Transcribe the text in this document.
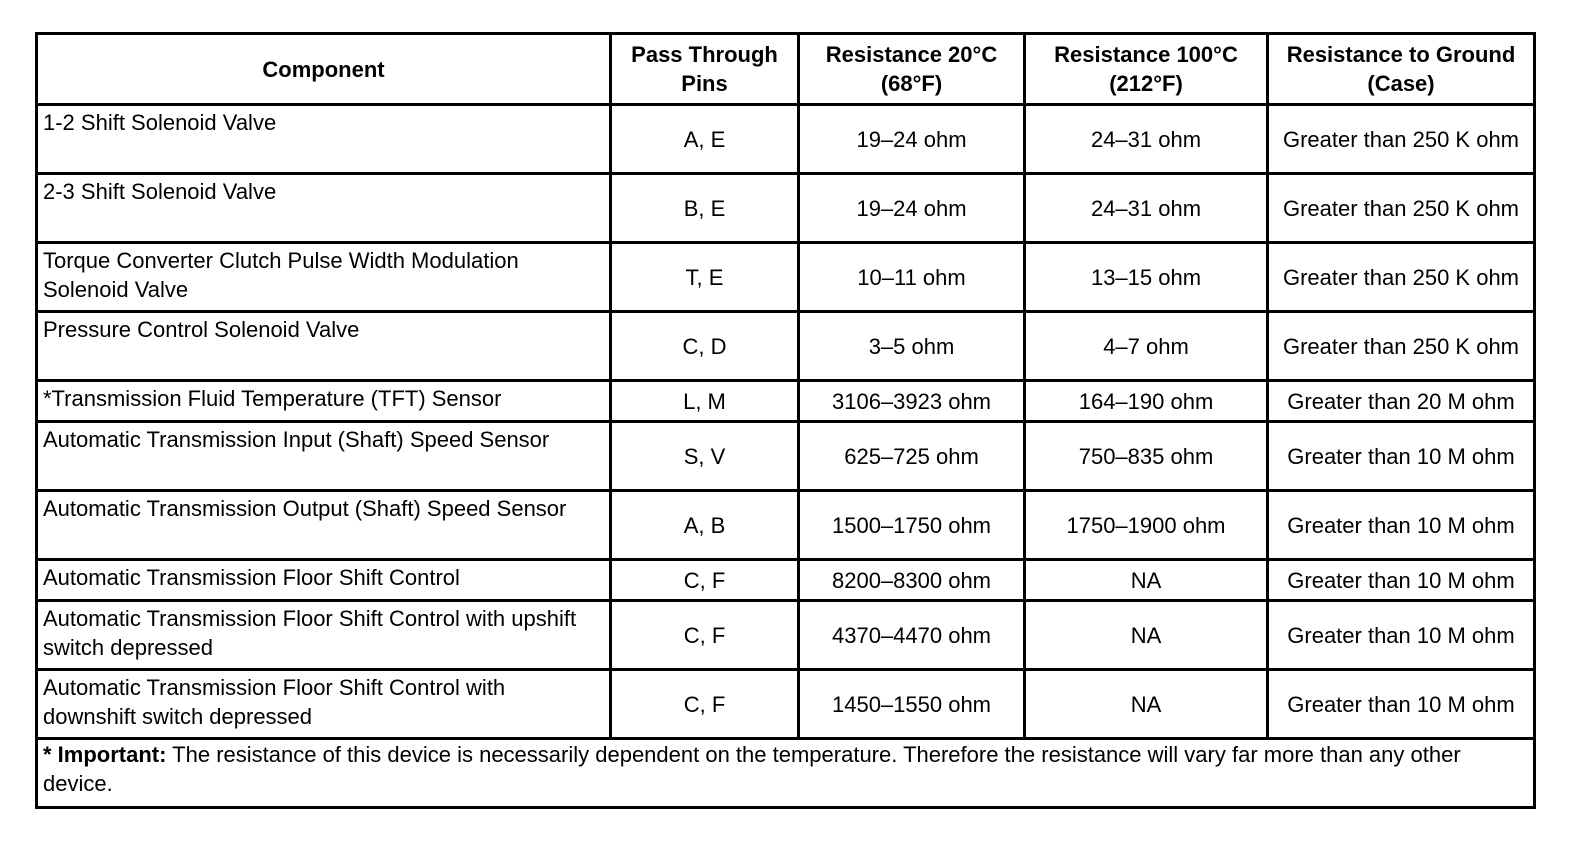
Component	Pass Through Pins	Resistance 20°C (68°F)	Resistance 100°C (212°F)	Resistance to Ground (Case)
1-2 Shift Solenoid Valve	A, E	19–24 ohm	24–31 ohm	Greater than 250 K ohm
2-3 Shift Solenoid Valve	B, E	19–24 ohm	24–31 ohm	Greater than 250 K ohm
Torque Converter Clutch Pulse Width Modulation Solenoid Valve	T, E	10–11 ohm	13–15 ohm	Greater than 250 K ohm
Pressure Control Solenoid Valve	C, D	3–5 ohm	4–7 ohm	Greater than 250 K ohm
*Transmission Fluid Temperature (TFT) Sensor	L, M	3106–3923 ohm	164–190 ohm	Greater than 20 M ohm
Automatic Transmission Input (Shaft) Speed Sensor	S, V	625–725 ohm	750–835 ohm	Greater than 10 M ohm
Automatic Transmission Output (Shaft) Speed Sensor	A, B	1500–1750 ohm	1750–1900 ohm	Greater than 10 M ohm
Automatic Transmission Floor Shift Control	C, F	8200–8300 ohm	NA	Greater than 10 M ohm
Automatic Transmission Floor Shift Control with upshift switch depressed	C, F	4370–4470 ohm	NA	Greater than 10 M ohm
Automatic Transmission Floor Shift Control with downshift switch depressed	C, F	1450–1550 ohm	NA	Greater than 10 M ohm
* Important: The resistance of this device is necessarily dependent on the temperature. Therefore the resistance will vary far more than any other device.				
